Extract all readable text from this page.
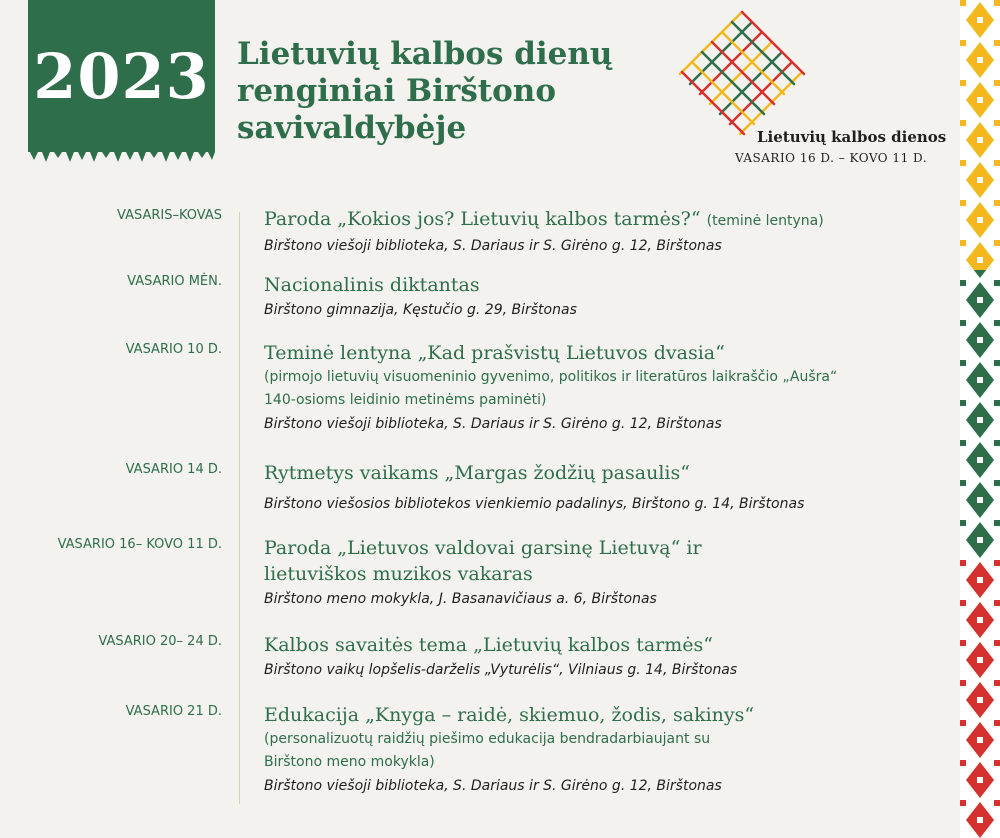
2023 Lietuvių kalbos dienų
renginiai Birštono
savivaldybėje	Lietuvių kalbos dienos
VASARIO 16 D. – KOVO 11 D.
VASARIS–KOVAS Paroda „Kokios jos? Lietuvių kalbos tarmės?“ (teminė lentyna)
Birštono viešoji biblioteka, S. Dariaus ir S. Girėno g. 12, Birštonas
VASARIO MĖN. Nacionalinis diktantas
Birštono gimnazija, Kęstučio g. 29, Birštonas
VASARIO 10 D. Teminė lentyna „Kad prašvistų Lietuvos dvasia“
(pirmojo lietuvių visuomeninio gyvenimo, politikos ir literatūros laikraščio „Aušra“
140-osioms leidinio metinėms paminėti)
Birštono viešoji biblioteka, S. Dariaus ir S. Girėno g. 12, Birštonas
VASARIO 14 D. Rytmetys vaikams „Margas žodžių pasaulis“
Birštono viešosios bibliotekos vienkiemio padalinys, Birštono g. 14, Birštonas
VASARIO 16– KOVO 11 D. Paroda „Lietuvos valdovai garsinę Lietuvą“ ir
lietuviškos muzikos vakaras
Birštono meno mokykla, J. Basanavičiaus a. 6, Birštonas
VASARIO 20– 24 D. Kalbos savaitės tema „Lietuvių kalbos tarmės“
Birštono vaikų lopšelis-darželis „Vyturėlis“, Vilniaus g. 14, Birštonas
VASARIO 21 D. Edukacija „Knyga – raidė, skiemuo, žodis, sakinys“
(personalizuotų raidžių piešimo edukacija bendradarbiaujant su
Birštono meno mokykla)
Birštono viešoji biblioteka, S. Dariaus ir S. Girėno g. 12, Birštonas
